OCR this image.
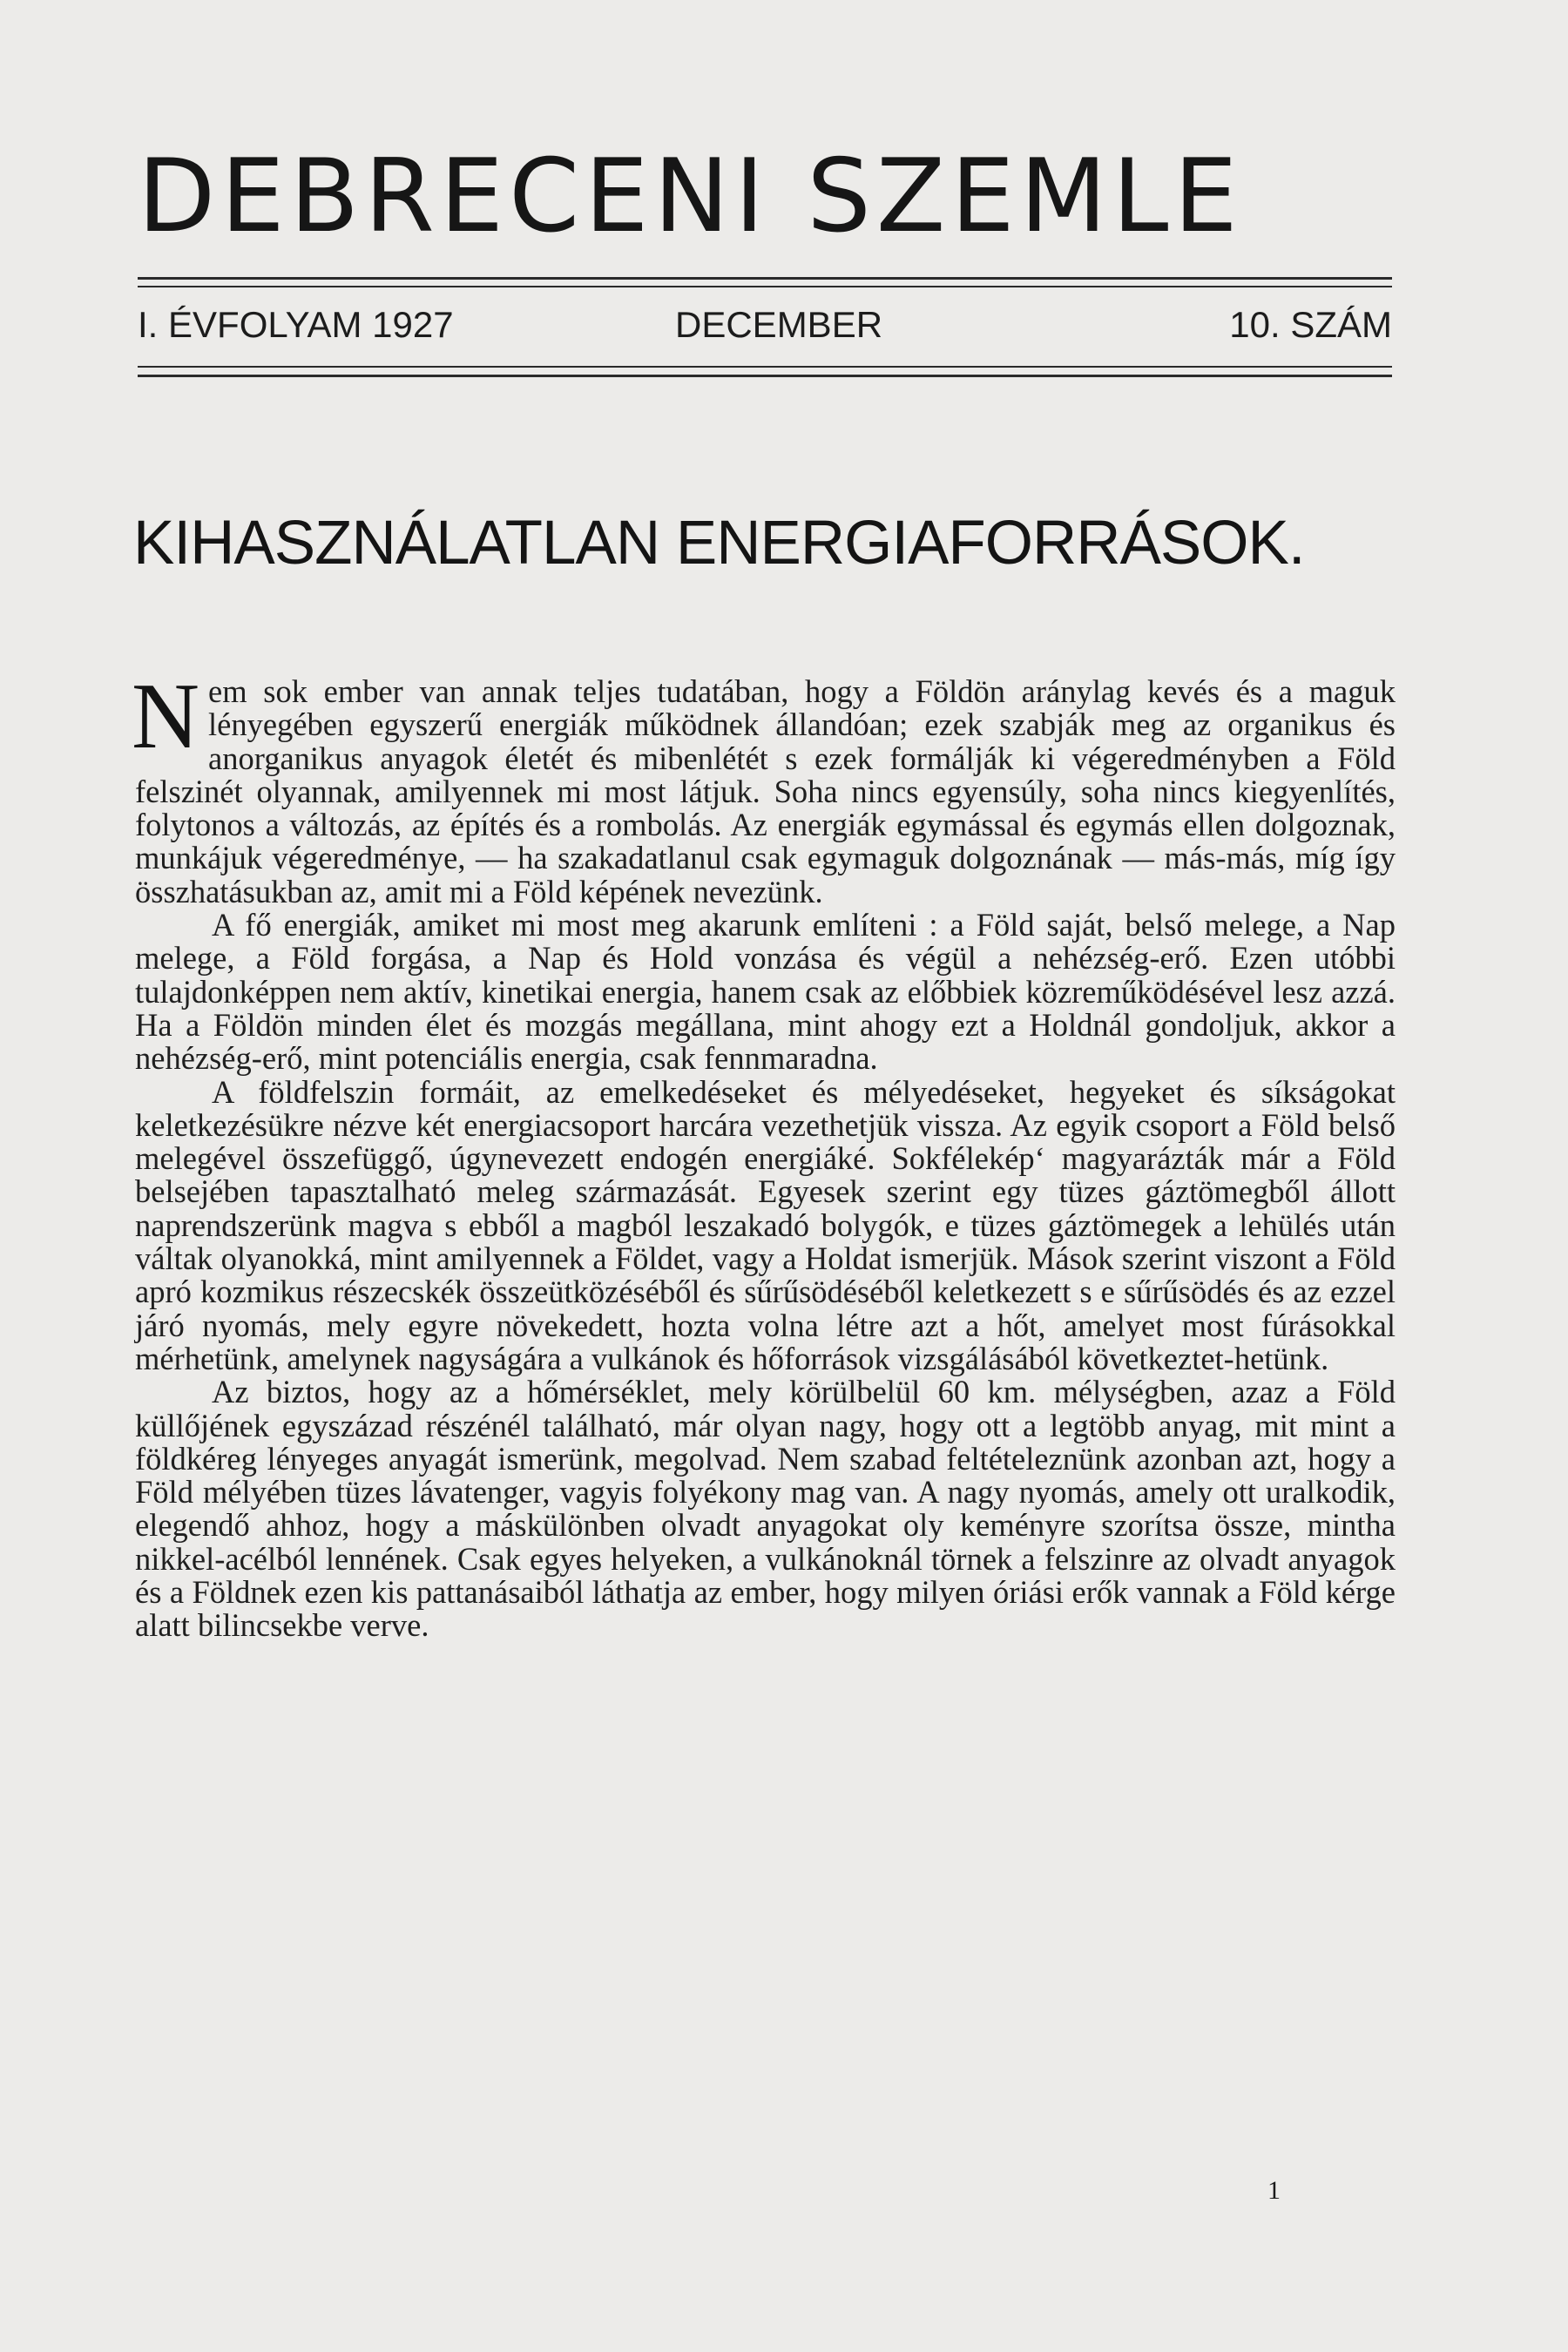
DEBRECENI SZEMLE
I. ÉVFOLYAM 1927	DECEMBER	10. SZÁM
KIHASZNÁLATLAN ENERGIAFORRÁSOK.

Nem sok ember van annak teljes tudatában, hogy a Földön aránylag kevés és a maguk lényegében egyszerű energiák működnek állandóan; ezek szabják meg az organikus és anorganikus anyagok életét és mibenlétét s ezek formálják ki végeredményben a Föld felszinét olyannak, amilyennek mi most látjuk. Soha nincs egyensúly, soha nincs kiegyenlítés, folytonos a változás, az építés és a rombolás. Az energiák egymással és egymás ellen dolgoznak, munkájuk végeredménye, — ha szakadatlanul csak egymaguk dolgoznának — más-más, míg így összhatásukban az, amit mi a Föld képének nevezünk.

A fő energiák, amiket mi most meg akarunk említeni : a Föld saját, belső melege, a Nap melege, a Föld forgása, a Nap és Hold vonzása és végül a nehézség-erő. Ezen utóbbi tulajdonképpen nem aktív, kinetikai energia, hanem csak az előbbiek közreműködésével lesz azzá. Ha a Földön minden élet és mozgás megállana, mint ahogy ezt a Holdnál gondoljuk, akkor a nehézség-erő, mint potenciális energia, csak fennmaradna.

A földfelszin formáit, az emelkedéseket és mélyedéseket, hegyeket és síkságokat keletkezésükre nézve két energiacsoport harcára vezethetjük vissza. Az egyik csoport a Föld belső melegével összefüggő, úgynevezett endogén energiáké. Sokféleképʻ magyarázták már a Föld belsejében tapasztalható meleg származását. Egyesek szerint egy tüzes gáztömegből állott naprendszerünk magva s ebből a magból leszakadó bolygók, e tüzes gáztömegek a lehülés után váltak olyanokká, mint amilyennek a Földet, vagy a Holdat ismerjük. Mások szerint viszont a Föld apró kozmikus részecskék összeütközéséből és sűrűsödéséből keletkezett s e sűrűsödés és az ezzel járó nyomás, mely egyre növekedett, hozta volna létre azt a hőt, amelyet most fúrásokkal mérhetünk, amelynek nagyságára a vulkánok és hőforrások vizsgálásából következtet-hetünk.

Az biztos, hogy az a hőmérséklet, mely körülbelül 60 km. mélységben, azaz a Föld küllőjének egyszázad részénél található, már olyan nagy, hogy ott a legtöbb anyag, mit mint a földkéreg lényeges anyagát ismerünk, megolvad. Nem szabad feltételeznünk azonban azt, hogy a Föld mélyében tüzes lávatenger, vagyis folyékony mag van. A nagy nyomás, amely ott uralkodik, elegendő ahhoz, hogy a máskülönben olvadt anyagokat oly keményre szorítsa össze, mintha nikkel-acélból lennének. Csak egyes helyeken, a vulkánoknál törnek a felszinre az olvadt anyagok és a Földnek ezen kis pattanásaiból láthatja az ember, hogy milyen óriási erők vannak a Föld kérge alatt bilincsekbe verve.

1
